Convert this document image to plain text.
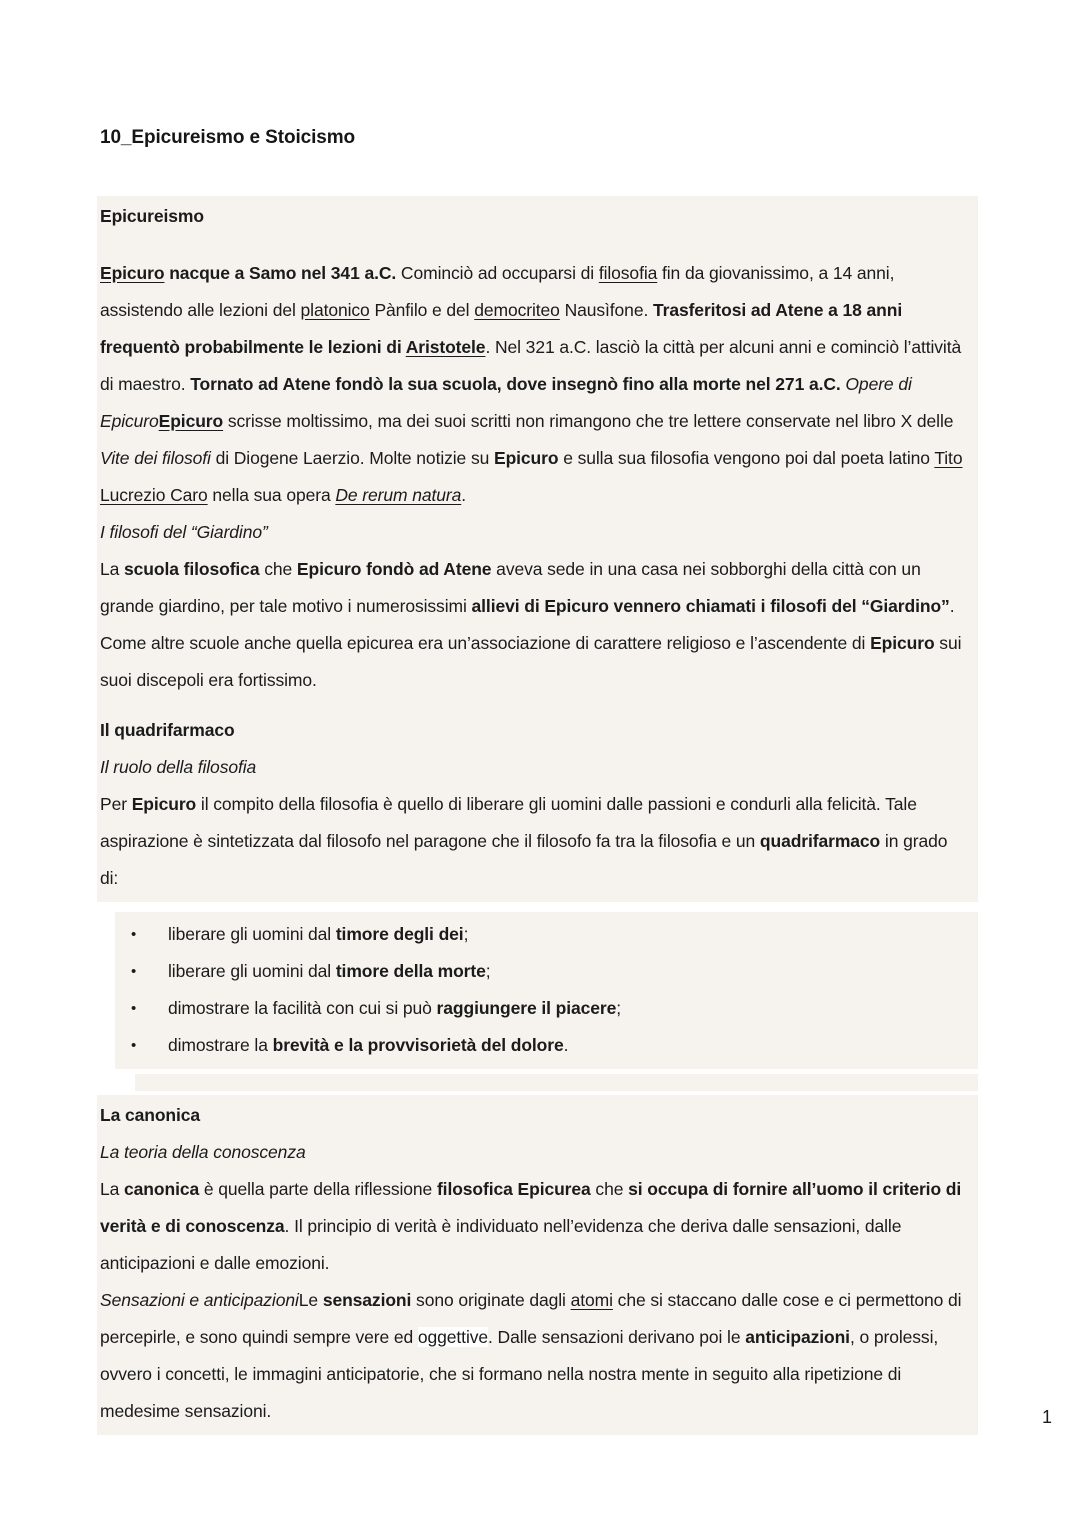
10_Epicureismo e Stoicismo
Epicureismo

Epicuro nacque a Samo nel 341 a.C. Cominciò ad occuparsi di filosofia fin da giovanissimo, a 14 anni, assistendo alle lezioni del platonico Pànfilo e del democriteo Nausìfone. Trasferitosi ad Atene a 18 anni frequentò probabilmente le lezioni di Aristotele. Nel 321 a.C. lasciò la città per alcuni anni e cominciò l’attività di maestro. Tornato ad Atene fondò la sua scuola, dove insegnò fino alla morte nel 271 a.C. Opere di EpicuroEpicuro scrisse moltissimo, ma dei suoi scritti non rimangono che tre lettere conservate nel libro X delle Vite dei filosofi di Diogene Laerzio. Molte notizie su Epicuro e sulla sua filosofia vengono poi dal poeta latino Tito Lucrezio Caro nella sua opera De rerum natura.

I filosofi del “Giardino”

La scuola filosofica che Epicuro fondò ad Atene aveva sede in una casa nei sobborghi della città con un grande giardino, per tale motivo i numerosissimi allievi di Epicuro vennero chiamati i filosofi del “Giardino”. Come altre scuole anche quella epicurea era un’associazione di carattere religioso e l’ascendente di Epicuro sui suoi discepoli era fortissimo.

Il quadrifarmaco

Il ruolo della filosofia

Per Epicuro il compito della filosofia è quello di liberare gli uomini dalle passioni e condurli alla felicità. Tale aspirazione è sintetizzata dal filosofo nel paragone che il filosofo fa tra la filosofia e un quadrifarmaco in grado di:

• liberare gli uomini dal timore degli dei;
• liberare gli uomini dal timore della morte;
• dimostrare la facilità con cui si può raggiungere il piacere;
• dimostrare la brevità e la provvisorietà del dolore.
La canonica

La teoria della conoscenza

La canonica è quella parte della riflessione filosofica Epicurea che si occupa di fornire all’uomo il criterio di verità e di conoscenza. Il principio di verità è individuato nell’evidenza che deriva dalle sensazioni, dalle anticipazioni e dalle emozioni.

Sensazioni e anticipazioniLe sensazioni sono originate dagli atomi che si staccano dalle cose e ci permettono di percepirle, e sono quindi sempre vere ed oggettive. Dalle sensazioni derivano poi le anticipazioni, o prolessi, ovvero i concetti, le immagini anticipatorie, che si formano nella nostra mente in seguito alla ripetizione di medesime sensazioni.	1
